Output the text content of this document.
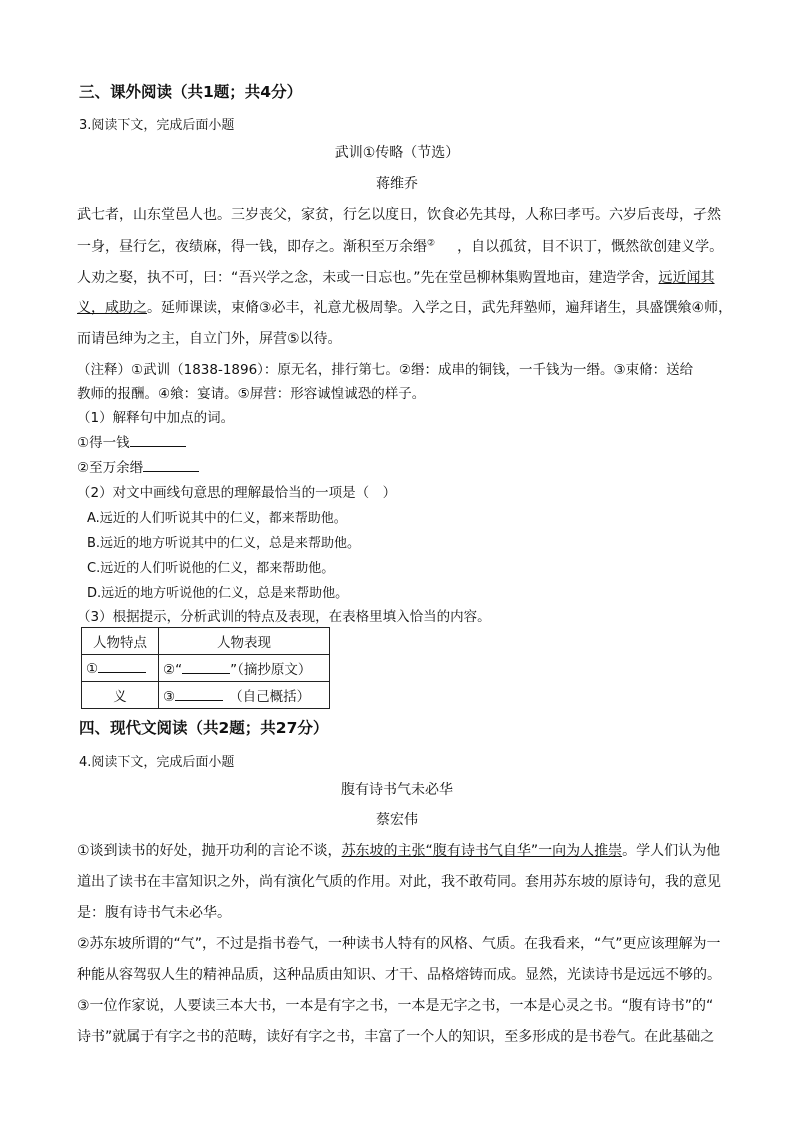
三、课外阅读（共1题；共4分）
3.阅读下文，完成后面小题
武训①传略（节选）
蒋维乔
武七者，山东堂邑人也。三岁丧父，家贫，行乞以度日，饮食必先其母，人称曰孝丐。六岁后丧母，孑然
一身，昼行乞，夜绩麻，得一钱，即存之。渐积至万余缗② ，自以孤贫，目不识丁，慨然欲创建义学。
人劝之娶，执不可，曰：“吾兴学之念，未或一日忘也。”先在堂邑柳林集购置地亩，建造学舍，远近闻其
义，咸助之。延师课读，束脩③必丰，礼意尤极周挚。入学之日，武先拜塾师，遍拜诸生，具盛馔飨④师，
而请邑绅为之主，自立门外，屏营⑤以待。
（注释）①武训（1838-1896）：原无名，排行第七。②缗：成串的铜钱，一千钱为一缗。③束脩：送给
教师的报酬。④飨：宴请。⑤屏营：形容诚惶诚恐的样子。
（1）解释句中加点的词。
①得一钱
②至万余缗
（2）对文中画线句意思的理解最恰当的一项是（　）
A.远近的人们听说其中的仁义，都来帮助他。
B.远近的地方听说其中的仁义，总是来帮助他。
C.远近的人们听说他的仁义，都来帮助他。
D.远近的地方听说他的仁义，总是来帮助他。
（3）根据提示，分析武训的特点及表现，在表格里填入恰当的内容。
人物特点	人物表现
①	②“ ”（摘抄原文）
义	③ （自己概括）
四、现代文阅读（共2题；共27分）
4.阅读下文，完成后面小题
腹有诗书气未必华
蔡宏伟
①谈到读书的好处，抛开功利的言论不谈，苏东坡的主张“腹有诗书气自华”一向为人推崇。学人们认为他
道出了读书在丰富知识之外，尚有演化气质的作用。对此，我不敢苟同。套用苏东坡的原诗句，我的意见
是：腹有诗书气未必华。
②苏东坡所谓的“气”，不过是指书卷气，一种读书人特有的风格、气质。在我看来，“气”更应该理解为一
种能从容驾驭人生的精神品质，这种品质由知识、才干、品格熔铸而成。显然，光读诗书是远远不够的。
③一位作家说，人要读三本大书，一本是有字之书，一本是无字之书，一本是心灵之书。“腹有诗书”的“
诗书”就属于有字之书的范畴，读好有字之书，丰富了一个人的知识，至多形成的是书卷气。在此基础之
